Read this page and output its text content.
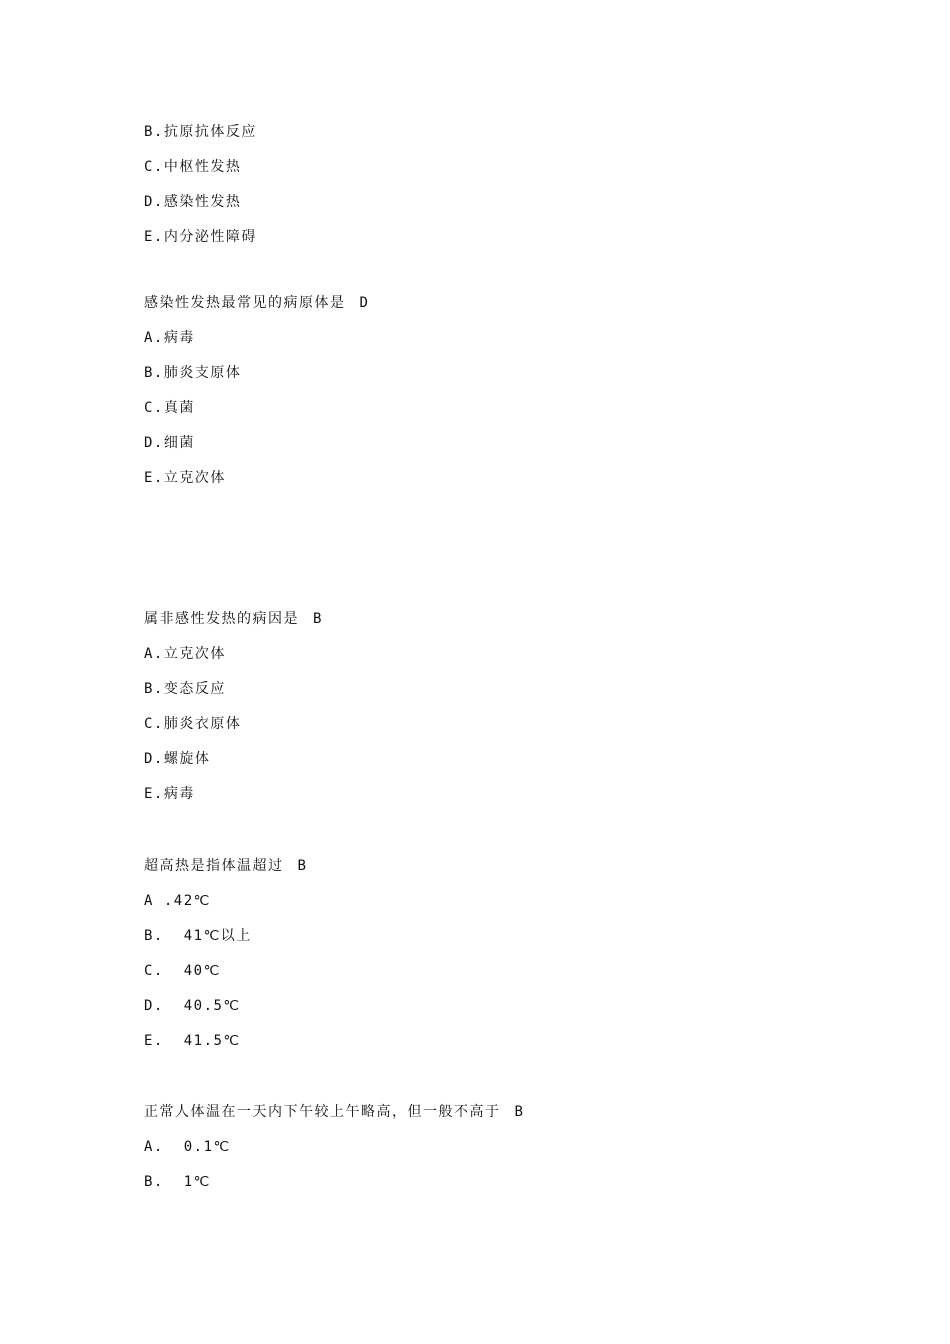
B.抗原抗体反应
C.中枢性发热
D.感染性发热
E.内分泌性障碍
感染性发热最常见的病原体是 D
A.病毒
B.肺炎支原体
C.真菌
D.细菌
E.立克次体
属非感性发热的病因是 B
A.立克次体
B.变态反应
C.肺炎衣原体
D.螺旋体
E.病毒
超高热是指体温超过 B
A .42℃
B.  41℃以上
C.  40℃
D.  40.5℃
E.  41.5℃
正常人体温在一天内下午较上午略高，但一般不高于 B
A.  0.1℃
B.  1℃
